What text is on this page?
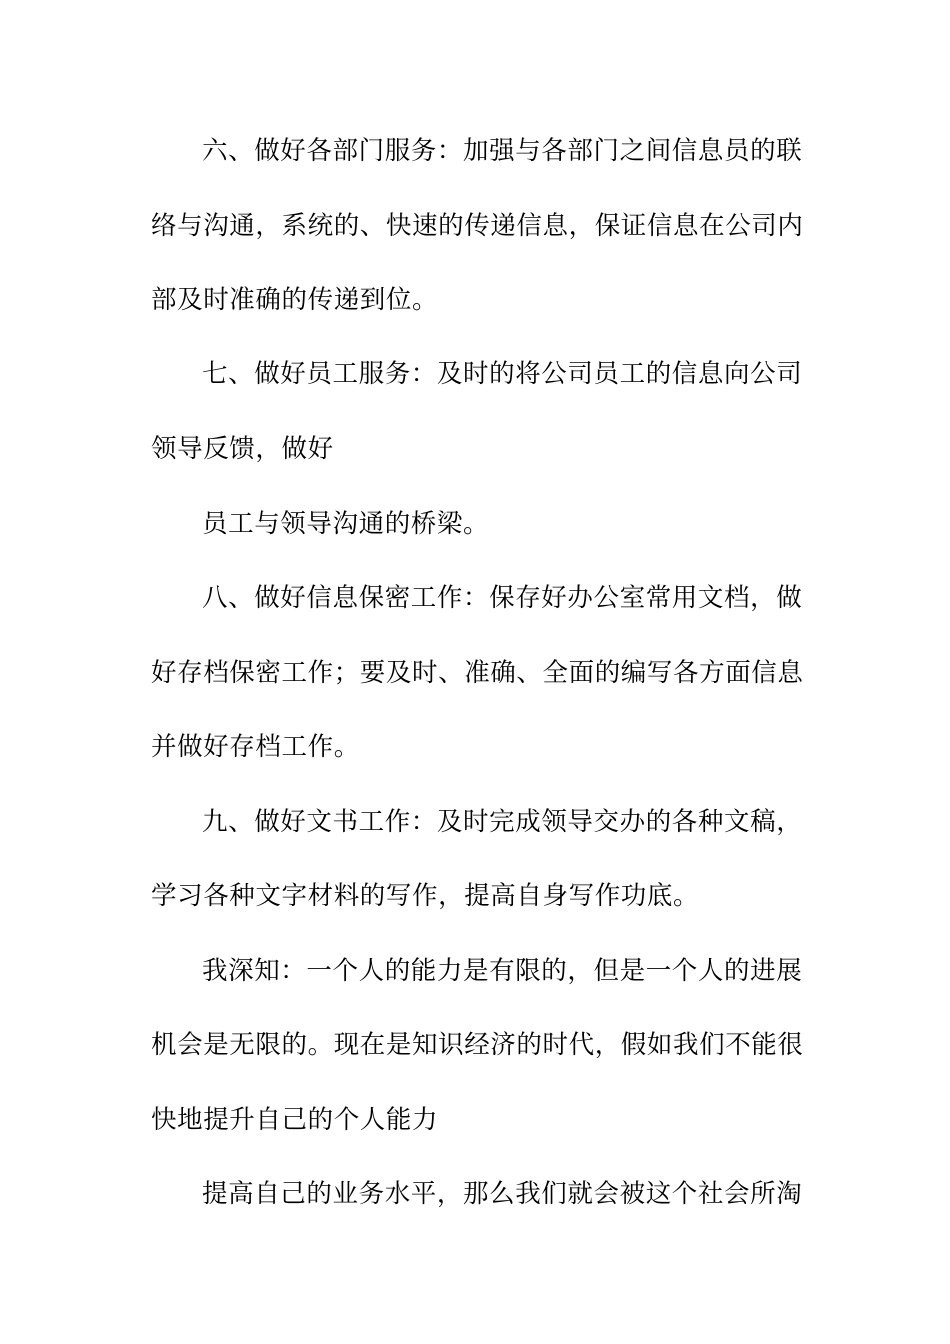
六、做好各部门服务：加强与各部门之间信息员的联
络与沟通，系统的、快速的传递信息，保证信息在公司内
部及时准确的传递到位。
七、做好员工服务：及时的将公司员工的信息向公司
领导反馈，做好
员工与领导沟通的桥梁。
八、做好信息保密工作：保存好办公室常用文档，做
好存档保密工作；要及时、准确、全面的编写各方面信息
并做好存档工作。
九、做好文书工作：及时完成领导交办的各种文稿，
学习各种文字材料的写作，提高自身写作功底。
我深知：一个人的能力是有限的，但是一个人的进展
机会是无限的。现在是知识经济的时代，假如我们不能很
快地提升自己的个人能力
提高自己的业务水平，那么我们就会被这个社会所淘
